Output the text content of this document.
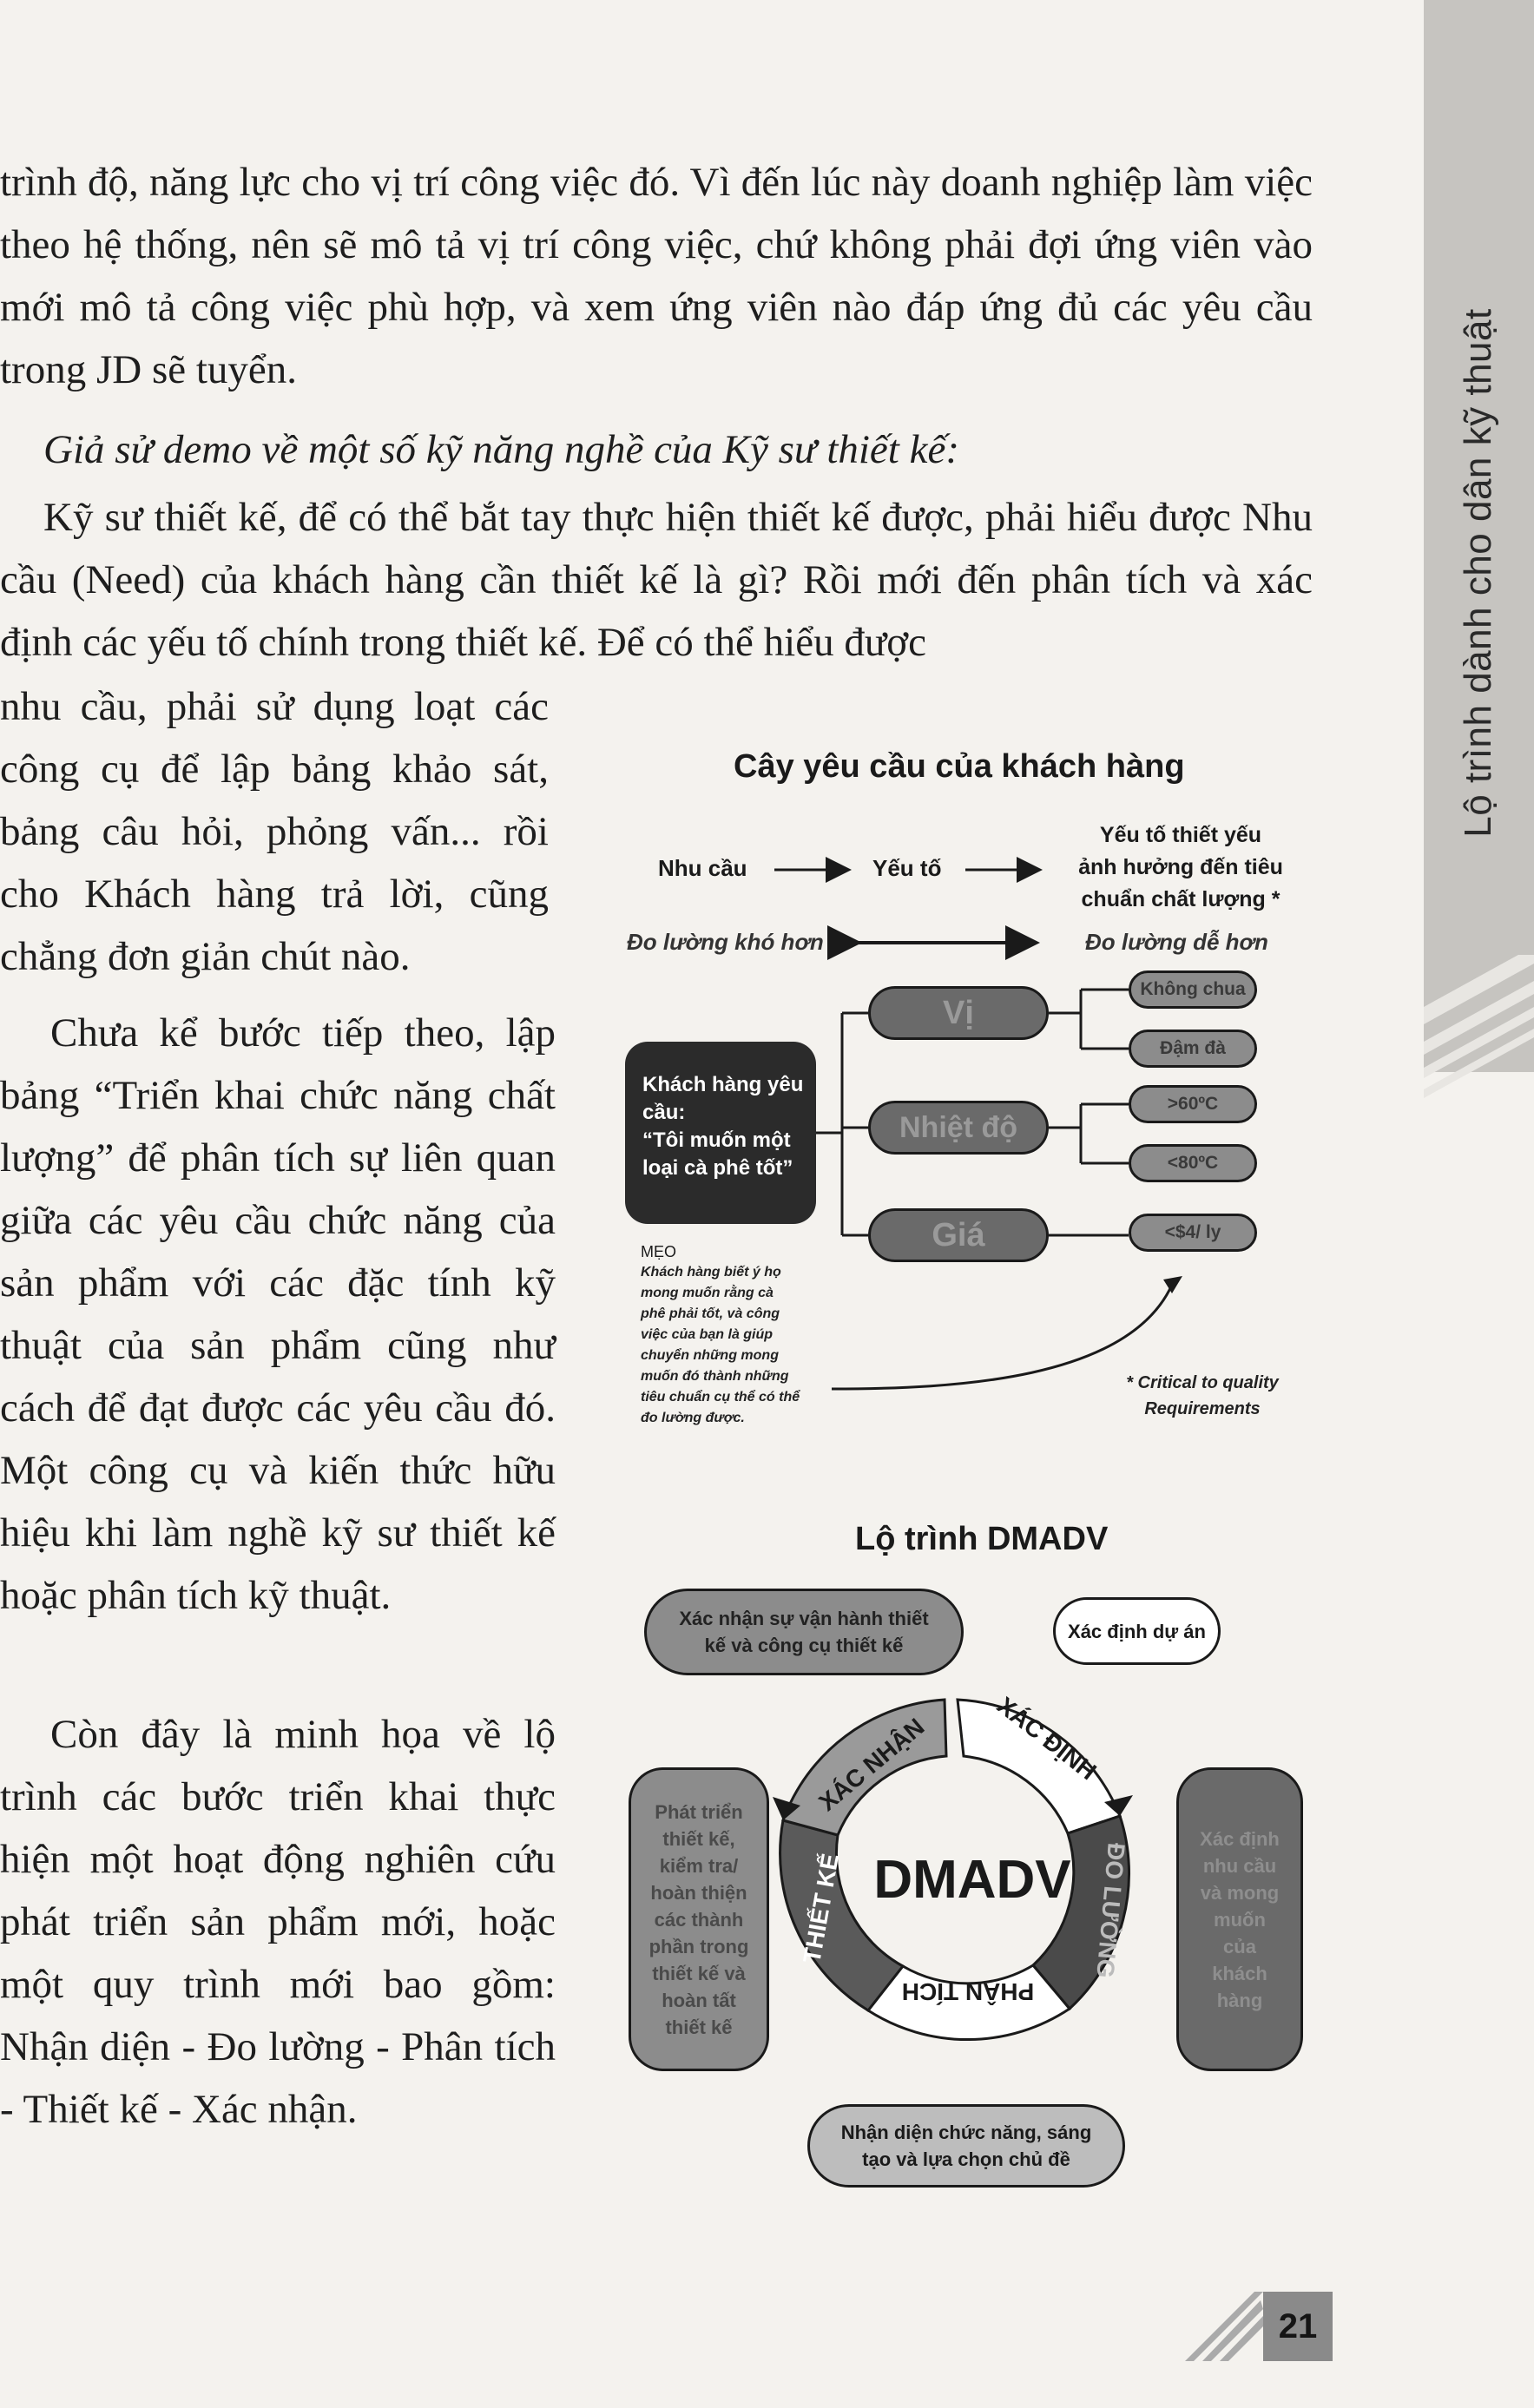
Lộ trình dành cho dân kỹ thuật

trình độ, năng lực cho vị trí công việc đó. Vì đến lúc này doanh nghiệp làm việc theo hệ thống, nên sẽ mô tả vị trí công việc, chứ không phải đợi ứng viên vào mới mô tả công việc phù hợp, và xem ứng viên nào đáp ứng đủ các yêu cầu trong JD sẽ tuyển.

Giả sử demo về một số kỹ năng nghề của Kỹ sư thiết kế:

Kỹ sư thiết kế, để có thể bắt tay thực hiện thiết kế được, phải hiểu được Nhu cầu (Need) của khách hàng cần thiết kế là gì? Rồi mới đến phân tích và xác định các yếu tố chính trong thiết kế. Để có thể hiểu được

nhu cầu, phải sử dụng loạt các công cụ để lập bảng khảo sát, bảng câu hỏi, phỏng vấn... rồi cho Khách hàng trả lời, cũng chẳng đơn giản chút nào.

Chưa kể bước tiếp theo, lập bảng “Triển khai chức năng chất lượng” để phân tích sự liên quan giữa các yêu cầu chức năng của sản phẩm với các đặc tính kỹ thuật của sản phẩm cũng như cách để đạt được các yêu cầu đó. Một công cụ và kiến thức hữu hiệu khi làm nghề kỹ sư thiết kế hoặc phân tích kỹ thuật.

Còn đây là minh họa về lộ trình các bước triển khai thực hiện một hoạt động nghiên cứu phát triển sản phẩm mới, hoặc một quy trình mới bao gồm: Nhận diện - Đo lường - Phân tích - Thiết kế - Xác nhận.

Cây yêu cầu của khách hàng
Nhu cầu	Yếu tố
Yếu tố thiết yếu
ảnh hưởng đến tiêu
chuẩn chất lượng *
Đo lường khó hơn	Đo lường dễ hơn
Khách hàng yêu
cầu:
“Tôi muốn một
loại cà phê tốt”
Vị
Nhiệt độ
Giá
Không chua
Đậm đà
>60ºC
<80ºC
<$4/ ly
MẸO
Khách hàng biết ý họ
mong muốn rằng cà
phê phải tốt, và công
việc của bạn là giúp
chuyển những mong
muốn đó thành những
tiêu chuẩn cụ thể có thể
đo lường được.
* Critical to quality
Requirements
Lộ trình DMADV
Xác nhận sự vận hành thiết
kế và công cụ thiết kế
Xác định dự án
Phát triển
thiết kế,
kiểm tra/
hoàn thiện
các thành
phần trong
thiết kế và
hoàn tất
thiết kế
Xác định
nhu cầu
và mong
muốn
của
khách
hàng
Nhận diện chức năng, sáng
tạo và lựa chọn chủ đề
DMADV
XÁC ĐỊNH
ĐO LƯỜNG
PHÂN TÍCH
THIẾT KẾ
XÁC NHẬN
21
